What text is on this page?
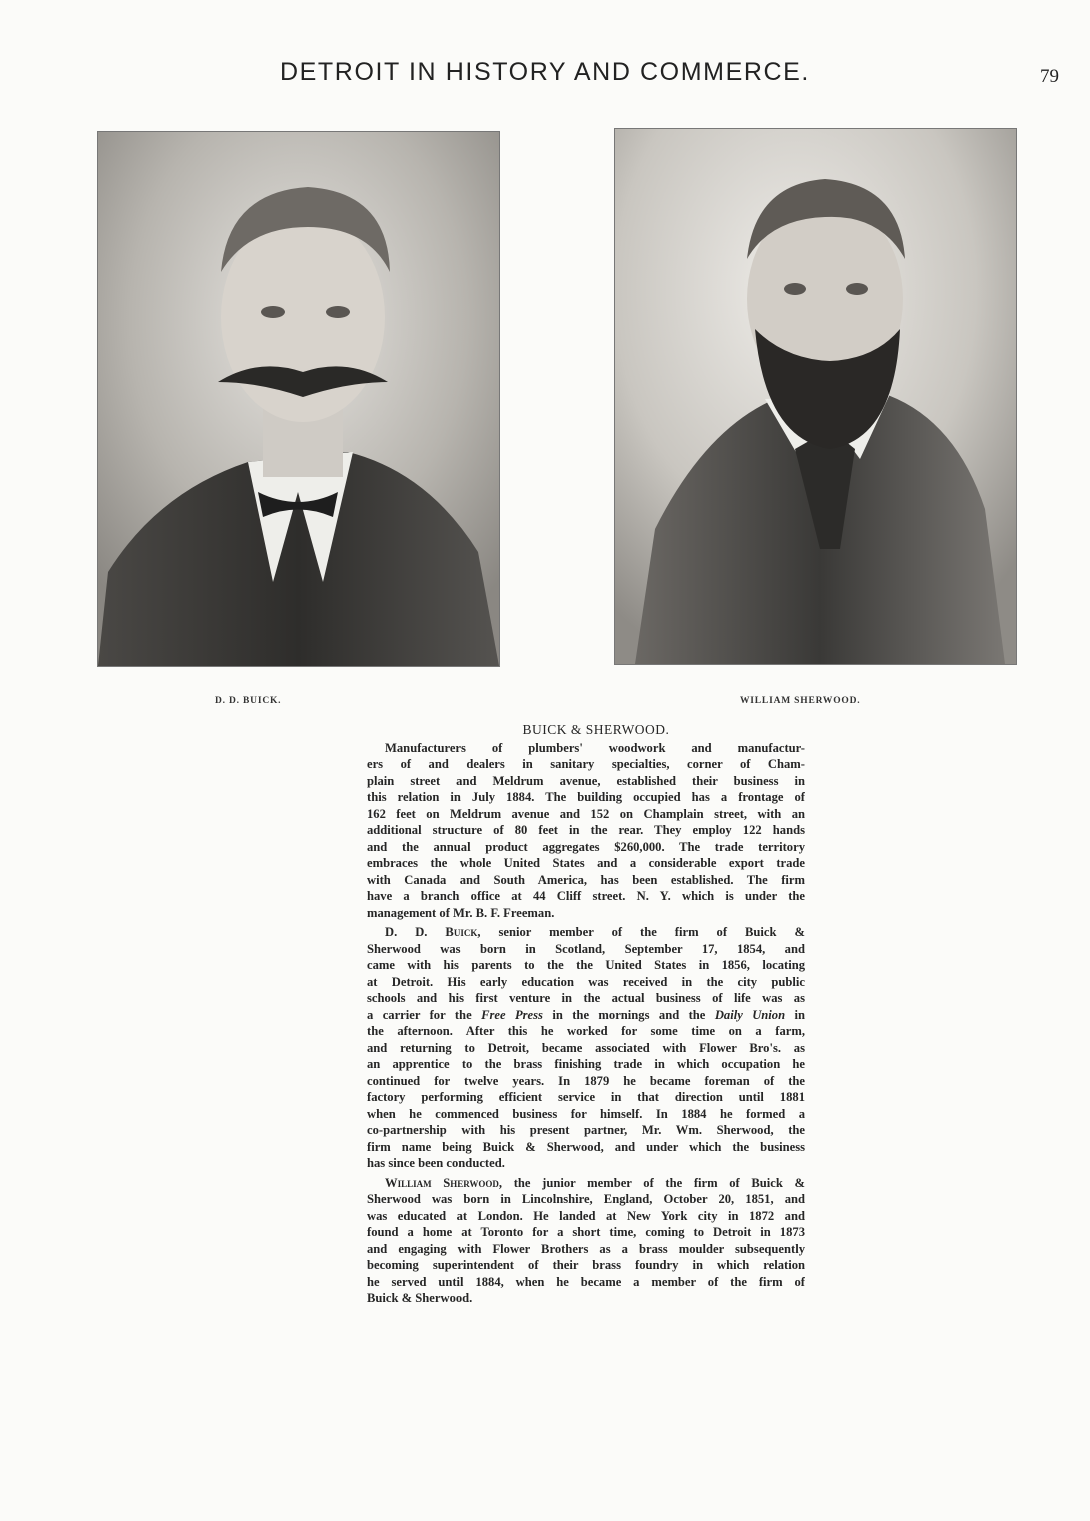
DETROIT IN HISTORY AND COMMERCE.	79
D. D. BUICK.	WILLIAM SHERWOOD.
BUICK & SHERWOOD.
Manufacturers of plumbers' woodwork and manufactur-
ers of and dealers in sanitary specialties, corner of Cham-
plain street and Meldrum avenue, established their business in
this relation in July 1884. The building occupied has a frontage of
162 feet on Meldrum avenue and 152 on Champlain street, with an
additional structure of 80 feet in the rear. They employ 122 hands
and the annual product aggregates $260,000. The trade territory
embraces the whole United States and a considerable export trade
with Canada and South America, has been established. The firm
have a branch office at 44 Cliff street. N. Y. which is under the
management of Mr. B. F. Freeman.
D. D. Buick, senior member of the firm of Buick &
Sherwood was born in Scotland, September 17, 1854, and
came with his parents to the the United States in 1856, locating
at Detroit. His early education was received in the city public
schools and his first venture in the actual business of life was as
a carrier for the Free Press in the mornings and the Daily Union in
the afternoon. After this he worked for some time on a farm,
and returning to Detroit, became associated with Flower Bro's. as
an apprentice to the brass finishing trade in which occupation he
continued for twelve years. In 1879 he became foreman of the
factory performing efficient service in that direction until 1881
when he commenced business for himself. In 1884 he formed a
co-partnership with his present partner, Mr. Wm. Sherwood, the
firm name being Buick & Sherwood, and under which the business
has since been conducted.
William Sherwood, the junior member of the firm of Buick &
Sherwood was born in Lincolnshire, England, October 20, 1851, and
was educated at London. He landed at New York city in 1872 and
found a home at Toronto for a short time, coming to Detroit in 1873
and engaging with Flower Brothers as a brass moulder subsequently
becoming superintendent of their brass foundry in which relation
he served until 1884, when he became a member of the firm of
Buick & Sherwood.
